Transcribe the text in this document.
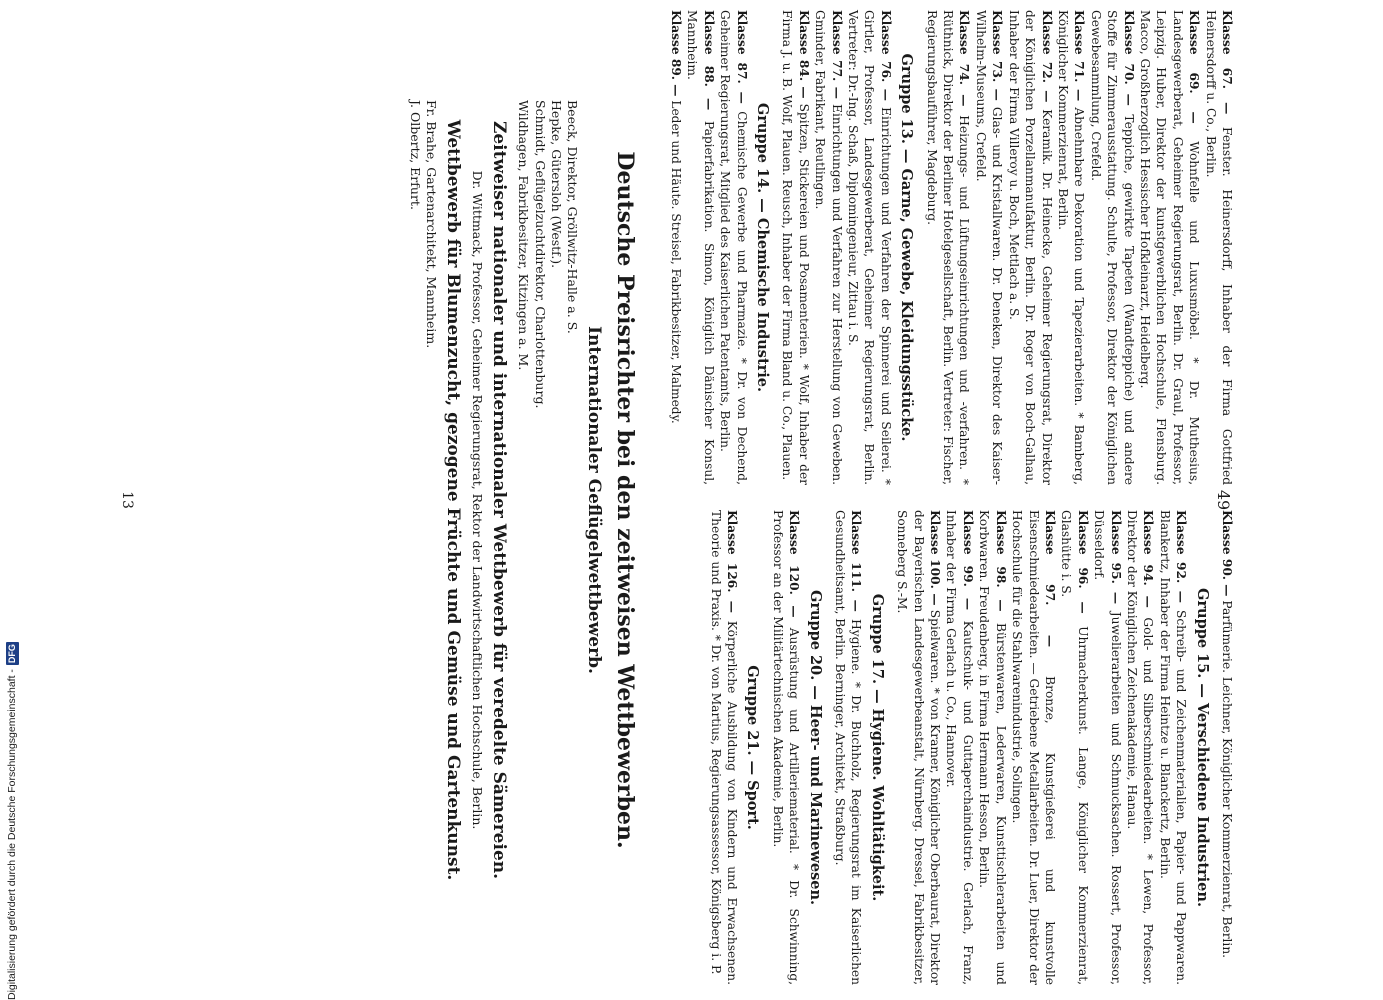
49

Klasse 67. — Fenster. Heinersdorff, Inhaber der Firma Gottfried Heinersdorff u. Co., Berlin.

Klasse 69. — Wohnfelle und Luxusmöbel. * Dr. Muthesius, Landesgewerberat, Geheimer Regierungsrat, Berlin. Dr. Graul, Professor, Leipzig. Huber, Direktor der kunstgewerblichen Hochschule, Flensburg. Macco, Großherzoglich Hessischer Hofkleinarzt, Heidelberg.

Klasse 70. — Teppiche, gewirkte Tapeten (Wandteppiche) und andere Stoffe für Zimmerausstattung. Schulte, Professor, Direktor der Königlichen Gewebesammlung, Crefeld.

Klasse 71. — Abnehmbare Dekoration und Tapezierarbeiten. * Bamberg, Königlicher Kommerzienrat, Berlin.

Klasse 72. — Keramik. Dr. Heinecke, Geheimer Regierungsrat, Direktor der Königlichen Porzellanmanufaktur, Berlin. Dr. Roger von Boch-Galhau, Inhaber der Firma Villeroy u. Boch, Mettlach a. S.

Klasse 73. — Glas- und Kristallwaren. Dr. Deneken, Direktor des Kaiser-Wilhelm-Museums, Crefeld.

Klasse 74. — Heizungs- und Lüftungseinrichtungen und -verfahren. * Rüthnick, Direktor der Berliner Hotelgesellschaft, Berlin. Vertreter: Fischer, Regierungsbauführer, Magdeburg.

Gruppe 13. — Garne, Gewebe, Kleidungsstücke.

Klasse 76. — Einrichtungen und Verfahren der Spinnerei und Seilerei. * Girtler, Professor, Landesgewerberat, Geheimer Regierungsrat, Berlin. Vertreter: Dr.-Ing. Schaß, Diplomingenieur, Zittau i. S.

Klasse 77. — Einrichtungen und Verfahren zur Herstellung von Geweben. Gminder, Fabrikant, Reutlingen.

Klasse 84. — Spitzen, Stickereien und Posamenterien. * Wolf, Inhaber der Firma J. u. B. Wolf, Plauen. Reusch, Inhaber der Firma Bland u. Co., Plauen.

Gruppe 14. — Chemische Industrie.

Klasse 87. — Chemische Gewerbe und Pharmazie. * Dr. von Dechend, Geheimer Regierungsrat, Mitglied des Kaiserlichen Patentamts, Berlin.

Klasse 88. — Papierfabrikation. Simon, Königlich Dänischer Konsul, Mannheim.

Klasse 89. — Leder und Häute. Streisel, Fabrikbesitzer, Malmedy.

Klasse 90. — Parfümerie. Leichner, Königlicher Kommerzienrat, Berlin.

Gruppe 15. — Verschiedene Industrien.

Klasse 92. — Schreib- und Zeichenmaterialien, Papier- und Pappwaren. Blankertz, Inhaber der Firma Heintze u. Blanckertz, Berlin.

Klasse 94. — Gold- und Silberschmiedearbeiten. * Lewen, Professor, Direktor der Königlichen Zeichenakademie, Hanau.

Klasse 95. — Juwelierarbeiten und Schmucksachen. Rossert, Professor, Düsseldorf.

Klasse 96. — Uhrmacherkunst. Lange, Königlicher Kommerzienrat, Glashütte i. S.

Klasse 97. — Bronze, Kunstgießerei und kunstvolle Eisenschmiedearbeiten. — Getriebene Metallarbeiten. Dr. Luer, Direktor der Hochschule für die Stahlwarenindustrie, Solingen.

Klasse 98. — Bürstenwaren, Lederwaren, Kunsttischlerarbeiten und Korbwaren. Freudenberg, in Firma Hermann Hesson, Berlin.

Klasse 99. — Kautschuk- und Guttaperchaindustrie. Gerlach, Franz, Inhaber der Firma Gerlach u. Co., Hannover.

Klasse 100. — Spielwaren. * von Kramer, Königlicher Oberbaurat, Direktor der Bayerischen Landesgewerbeanstalt, Nürnberg. Dressel, Fabrikbesitzer, Sonneberg S.-M.

Gruppe 17. — Hygiene. Wohltätigkeit.

Klasse 111. — Hygiene. * Dr. Buchholz, Regierungsrat im Kaiserlichen Gesundheitsamt, Berlin. Berninger, Architekt, Straßburg.

Gruppe 20. — Heer- und Marinewesen.

Klasse 120. — Ausrüstung und Artilleriematerial. * Dr. Schwinning, Professor an der Militärtechnischen Akademie, Berlin.

Gruppe 21. — Sport.

Klasse 126. — Körperliche Ausbildung von Kindern und Erwachsenen. Theorie und Praxis. * Dr. von Martius, Regierungsassessor, Königsberg i. P.

Deutsche Preisrichter bei den zeitweisen Wettbewerben.
Internationaler Geflügelwettbewerb.

Beeck, Direktor, Gröllwitz-Halle a. S.

Hepke, Gütersloh (Westf.).

Schmidt, Geflügelzuchtdirektor, Charlottenburg.

Wildhagen, Fabrikbesitzer, Kitzingen a. M.

Zeitweiser nationaler und internationaler Wettbewerb für veredelte Sämereien.

Dr. Wittmack, Professor, Geheimer Regierungsrat, Rektor der Landwirtschaftlichen Hochschule, Berlin.

Wettbewerb für Blumenzucht, gezogene Früchte und Gemüse und Gartenkunst.

Fr. Brahe, Gartenarchitekt, Mannheim.

J. Olbertz, Erfurt.

13
Digitalisierung gefördert durch die Deutsche Forschungsgemeinschaft -
DFG
